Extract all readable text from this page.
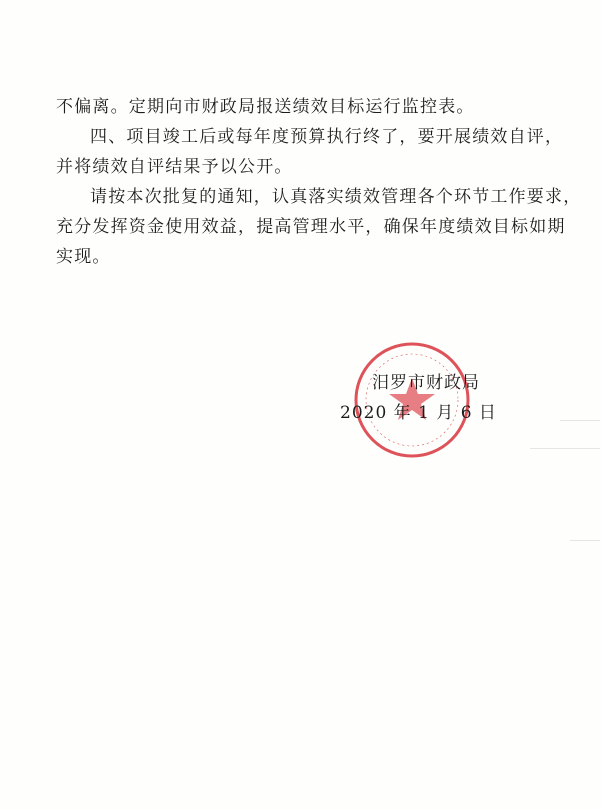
不偏离。定期向市财政局报送绩效目标运行监控表。

四、项目竣工后或每年度预算执行终了，要开展绩效自评，
并将绩效自评结果予以公开。

请按本次批复的通知，认真落实绩效管理各个环节工作要求，
充分发挥资金使用效益，提高管理水平，确保年度绩效目标如期
实现。

汨罗市财政局
2020 年 1 月 6 日
